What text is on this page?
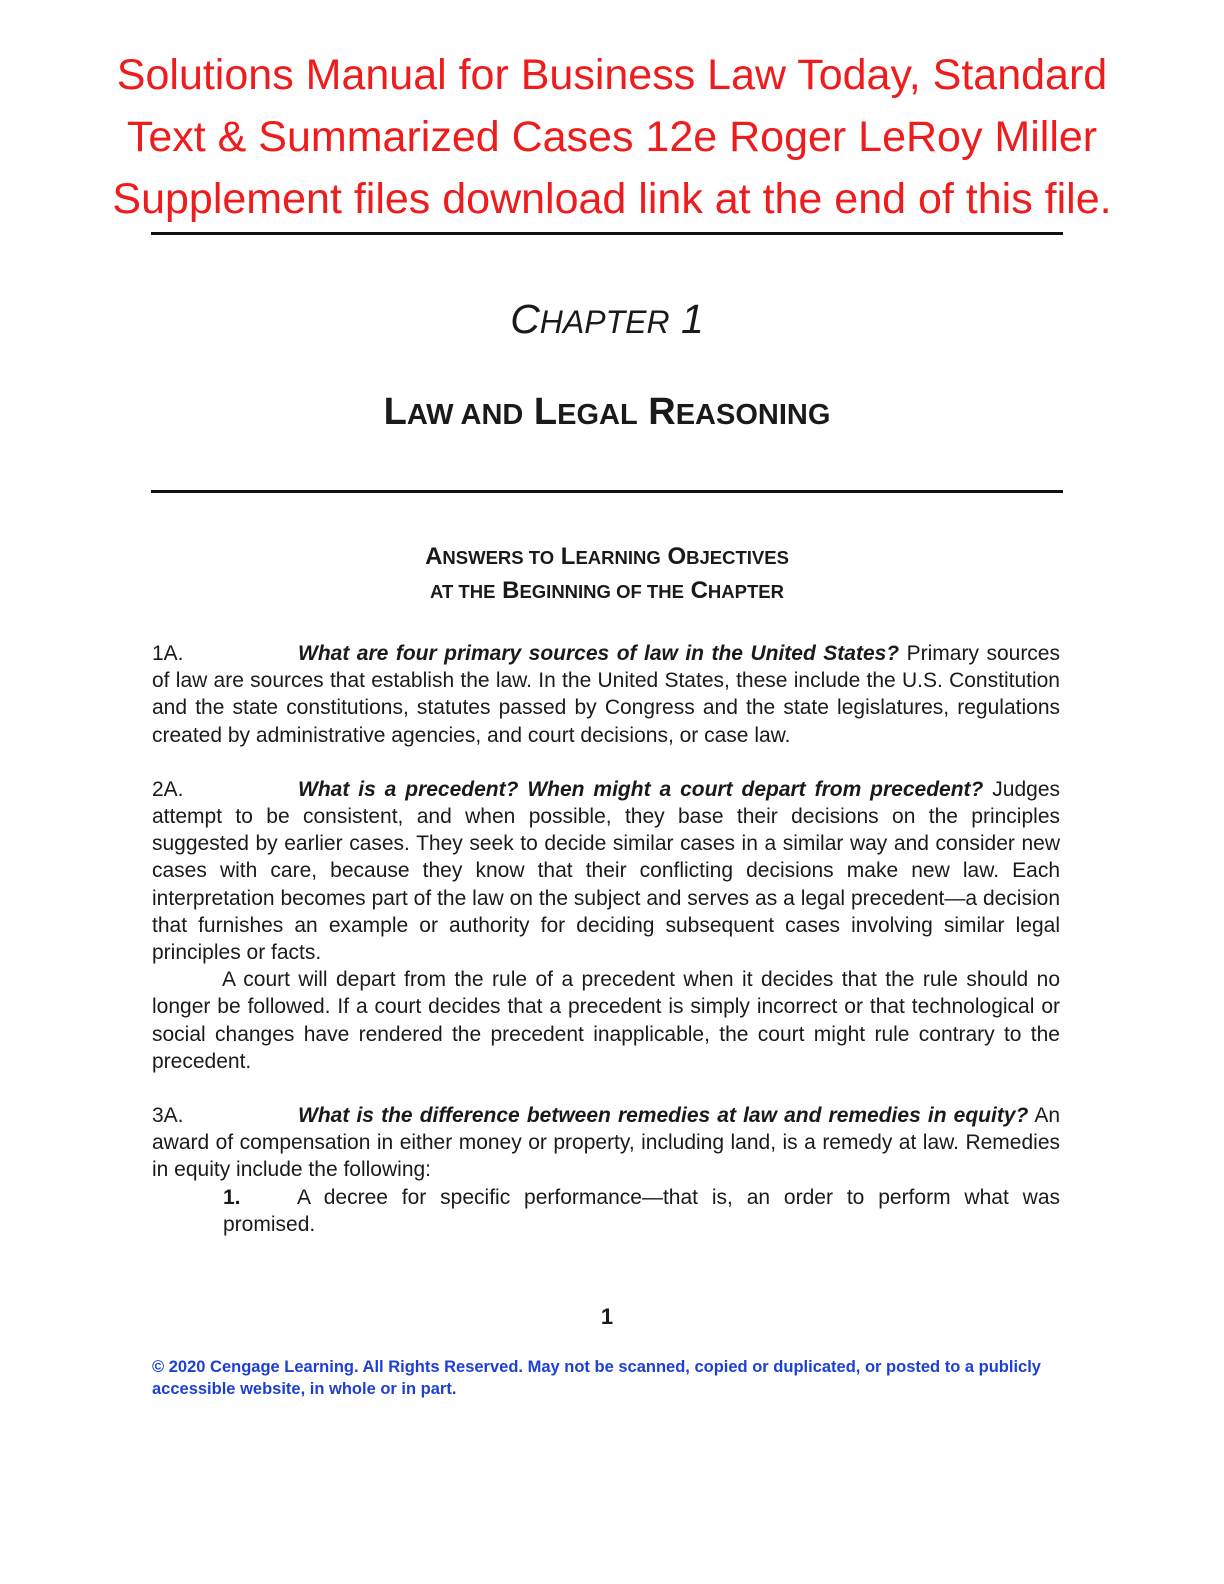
Solutions Manual for Business Law Today, Standard
Text & Summarized Cases 12e Roger LeRoy Miller
Supplement files download link at the end of this file.
CHAPTER 1
LAW AND LEGAL REASONING
ANSWERS TO LEARNING OBJECTIVES
AT THE BEGINNING OF THE CHAPTER

1A.	What are four primary sources of law in the United States? Primary sources of law are sources that establish the law. In the United States, these include the U.S. Constitution and the state constitutions, statutes passed by Congress and the state legislatures, regulations created by administrative agencies, and court decisions, or case law.

2A.	What is a precedent? When might a court depart from precedent? Judges attempt to be consistent, and when possible, they base their decisions on the principles suggested by earlier cases. They seek to decide similar cases in a similar way and consider new cases with care, because they know that their conflicting decisions make new law. Each interpretation becomes part of the law on the subject and serves as a legal precedent—a decision that furnishes an example or authority for deciding subsequent cases involving similar legal principles or facts.

A court will depart from the rule of a precedent when it decides that the rule should no longer be followed. If a court decides that a precedent is simply incorrect or that technological or social changes have rendered the precedent inapplicable, the court might rule contrary to the precedent.

3A.	What is the difference between remedies at law and remedies in equity? An award of compensation in either money or property, including land, is a remedy at law. Remedies in equity include the following:

1.	A decree for specific performance—that is, an order to perform what was promised.

1
© 2020 Cengage Learning. All Rights Reserved. May not be scanned, copied or duplicated, or posted to a publicly accessible website, in whole or in part.
